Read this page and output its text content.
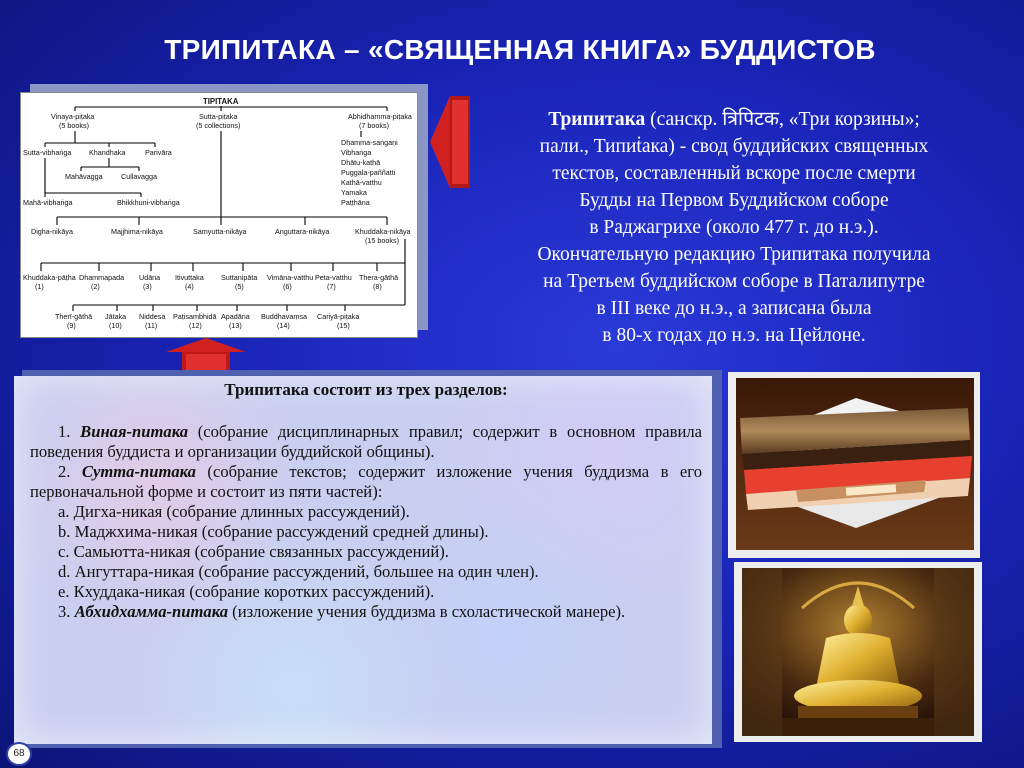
ТРИПИТАКА – «СВЯЩЕННАЯ КНИГА» БУДДИСТОВ
TIPITAKA
Vinaya-piṭaka
(5 books)
Sutta-piṭaka
(5 collections)
Abhidhamma-piṭaka
(7 books)
Sutta-vibhaṅga Khandhaka	Parivāra
Mahāvagga	Cullavagga
Mahā-vibhaṅga	Bhikkhuni-vibhaṅga
Dhamma-saṅgaṇi
Vibhaṅga
Dhātu-kathā
Puggala-paññatti
Kathā-vatthu
Yamaka
Paṭṭhāna
Digha-nikāya	Majjhima-nikāya	Samyutta-nikāya	Anguttara-nikāya	Khuddaka-nikāya
(15 books)
Khuddaka-pāṭha
(1)
Dhammapada
(2)
Udāna
(3)
Itivuttaka
(4)
Suttanipāta
(5)
Vimāna-vatthu
(6)
Peta-vatthu
(7)
Thera-gāthā
(8)
Therī-gāthā
(9)
Jātaka
(10)
Niddesa
(11)
Paṭisambhidā
(12)
Apadāna
(13)
Buddhavaṃsa
(14)
Cariyā-piṭaka
(15)
Трипитака (санскр. त्रिपिटक, «Три корзины»;
пали., Типиṫака) - свод буддийских священных
текстов, составленный вскоре после смерти
Будды на Первом Буддийском соборе
в Раджагрихе (около 477 г. до н.э.).
Окончательную редакцию Трипитака получила
на Третьем буддийском соборе в Паталипутре
в III веке до н.э., а записана была
в 80-х годах до н.э. на Цейлоне.

Трипитака состоит из трех разделов:

1. Виная-питака (собрание дисциплинарных правил; содержит в основном правила поведения буддиста и организации буддийской общины).

2. Сутта-питака (собрание текстов; содержит изложение учения буддизма в его первоначальной форме и состоит из пяти частей):

a. Дигха-никая (собрание длинных рассуждений).

b. Маджхима-никая (собрание рассуждений средней длины).

c. Самьютта-никая (собрание связанных рассуждений).

d. Ангуттара-никая (собрание рассуждений, большее на один член).

e. Кхуддака-никая (собрание коротких рассуждений).

3. Абхидхамма-питака (изложение учения буддизма в схоластической манере).

68
